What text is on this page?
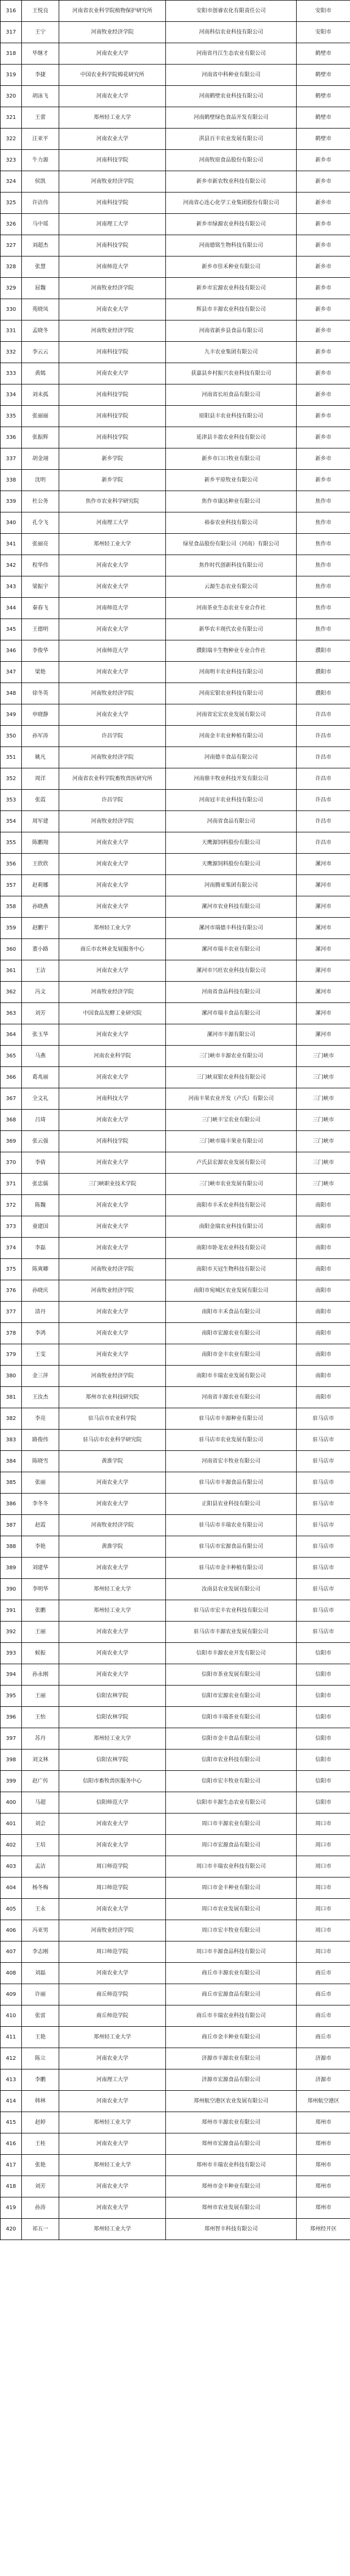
316	王悦良	河南省农业科学院植物保护研究所	安阳市创睿农化有限责任公司	安阳市
317	王宁	河南牧业经济学院	河南科信农业科技有限公司	安阳市
318	毕继才	河南农业大学	河南省丹江生态农业有限公司	鹤壁市
319	李捷	中国农业科学院棉花研究所	河南省中科种业有限公司	鹤壁市
320	胡泳飞	河南农业大学	河南鹤壁农业科技有限公司	鹤壁市
321	王蕾	郑州轻工业大学	河南鹤壁绿色食品开发有限公司	鹤壁市
322	汪亚平	河南农业大学	淇县百丰农业发展有限公司	鹤壁市
323	牛力源	河南科技学院	河南牧原食品股份有限公司	新乡市
324	侯凯	河南牧业经济学院	新乡市新农牧业科技有限公司	新乡市
325	许洁伟	河南科技学院	河南省心连心化学工业集团股份有限公司	新乡市
326	马中瑶	河南理工大学	新乡市绿源农业科技有限公司	新乡市
327	刘超杰	河南科技学院	河南德铭生物科技有限公司	新乡市
328	张慧	河南师范大学	新乡市佳禾种业有限公司	新乡市
329	屈魏	河南牧业经济学院	新乡市宏源农业科技有限公司	新乡市
330	苑晓凤	河南农业大学	辉县市丰源农业科技有限公司	新乡市
331	孟晓冬	河南牧业经济学院	河南省新乡县食品有限公司	新乡市
332	李云云	河南科技学院	九丰农业集团有限公司	新乡市
333	黄嫣	河南农业大学	获嘉县乡村振兴农业科技有限公司	新乡市
334	刘未孤	河南科技学院	河南省长垣食品有限公司	新乡市
335	张丽丽	河南科技学院	原阳县丰农业科技有限公司	新乡市
336	张振辉	河南科技学院	延津县丰盈农业科技有限公司	新乡市
337	胡金翊	新乡学院	新乡市口口牧业有限公司	新乡市
338	沈明	新乡学院	新乡平原牧业有限公司	新乡市
339	杜公务	焦作市农业科学研究院	焦作市康达种业有限公司	焦作市
340	孔令飞	河南理工大学	裕泰农业科技有限公司	焦作市
341	张丽亮	郑州轻工业大学	绿星食品股份有限公司（河南）有限公司	焦作市
342	程华伟	河南农业大学	焦作时代创新科技有限公司	焦作市
343	梁振宇	河南农业大学	云源生态农业有限公司	焦作市
344	秦春飞	河南师范大学	河南茶业生态农业专业合作社	焦作市
345	王德明	河南农业大学	新华农丰现代农业有限公司	焦作市
346	李俊华	河南师范大学	濮阳瑞丰生物种业专业合作社	濮阳市
347	梁艳	河南农业大学	河南明丰农业科技有限公司	濮阳市
348	徐冬英	河南牧业经济学院	河南宏银农业科技有限公司	濮阳市
349	申晓静	河南农业大学	河南省宏宏农业发展有限公司	许昌市
350	孙军涛	许昌学院	河南金丰农业种植有限公司	许昌市
351	姚凡	河南牧业经济学院	河南德丰食品有限公司	许昌市
352	周洋	河南省农业科学院畜牧兽医研究所	河南鼎丰牧业科技开发有限公司	许昌市
353	张霞	许昌学院	河南冠丰农业科技有限公司	许昌市
354	周军建	河南牧业经济学院	河南省食品有限公司	许昌市
355	陈鹏翔	河南农业大学	天鹰源饲料股份有限公司	许昌市
356	王欣欣	河南农业大学	天鹰源饲料股份有限公司	漯河市
357	赵莉娜	河南农业大学	河南腾亚集团有限公司	漯河市
358	孙晓燕	河南农业大学	漯河市农业科技有限公司	漯河市
359	赵鹏宇	郑州轻工业大学	漯河市瑞德丰科技有限公司	漯河市
360	董小路	商丘市农林业发展服务中心	漯河市瑞丰农业有限公司	漯河市
361	王洁	河南农业大学	漯河市兴旺农业科技有限公司	漯河市
362	冯文	河南牧业经济学院	河南省食品科技有限公司	漯河市
363	刘芳	中国食品发酵工业研究院	漯河市瑞丰食品有限公司	漯河市
364	张玉华	河南农业大学	漯河市丰源有限公司	漯河市
365	马燕	河南农业科学院	三门峡市丰源农业有限公司	三门峡市
366	葛兆丽	河南农业大学	三门峡双银农业科技有限公司	三门峡市
367	全文礼	河南科技大学	河南丰果农业开发（卢氏）有限公司	三门峡市
368	吕琦	河南农业大学	三门峡丰宝农业有限公司	三门峡市
369	张云强	河南科技学院	三门峡市瑞丰果业有限公司	三门峡市
370	李倩	河南农业大学	卢氏县宏源农业发展有限公司	三门峡市
371	张忠儒	三门峡职业技术学院	三门峡市农业发展有限公司	三门峡市
372	陈魏	河南农业大学	南阳市丰禾农业科技有限公司	南阳市
373	童建国	河南农业大学	南阳金瑞农业科技有限公司	南阳市
374	李磊	河南农业大学	南阳市卧龙农业科技有限公司	南阳市
375	陈爽卿	河南牧业经济学院	南阳市天冠生物科技有限公司	南阳市
376	孙晓庆	河南牧业经济学院	南阳市宛城区农业发展有限公司	南阳市
377	清丹	河南农业大学	南阳市丰禾食品有限公司	南阳市
378	李鸿	河南农业大学	南阳市宏源农业有限公司	南阳市
379	王雯	河南农业大学	南阳市金丰农业有限公司	南阳市
380	金三萍	河南牧业经济学院	南阳市丰瑞农业发展有限公司	南阳市
381	王汝杰	郑州市农业科技研究院	河南省丰源农业有限公司	南阳市
382	李亮	驻马店市农业科学院	驻马店市丰源种业有限公司	驻马店市
383	路俊伟	驻马店市农业科学研究院	驻马店市农业发展有限公司	驻马店市
384	陈晓雪	黄淮学院	河南省宏丰牧业有限公司	驻马店市
385	张丽	河南农业大学	驻马店市丰源食品有限公司	驻马店市
386	李冬冬	河南农业大学	正阳县农业科技有限公司	驻马店市
387	赵霞	河南牧业经济学院	驻马店市丰瑞农业有限公司	驻马店市
388	李艳	黄淮学院	驻马店市宏源食品有限公司	驻马店市
389	刘建华	河南农业大学	驻马店市金丰种植有限公司	驻马店市
390	李明华	郑州轻工业大学	汝南县农业发展有限公司	驻马店市
391	张鹏	郑州轻工业大学	驻马店市宏丰农业科技有限公司	驻马店市
392	王丽	河南农业大学	驻马店市丰源农业发展有限公司	驻马店市
393	候振	河南农业大学	信阳市丰源农业开发有限公司	信阳市
394	孙永刚	河南农业大学	信阳市茶业发展有限公司	信阳市
395	王丽	信阳农林学院	信阳市宏源农业有限公司	信阳市
396	王怡	信阳农林学院	信阳市丰瑞茶业有限公司	信阳市
397	苏丹	郑州轻工业大学	信阳市金丰食品有限公司	信阳市
398	刘文林	信阳农林学院	信阳市农业科技有限公司	信阳市
399	赵广传	信阳市畜牧兽医服务中心	信阳市宏丰牧业有限公司	信阳市
400	马超	信阳师范大学	信阳市丰源生态农业有限公司	信阳市
401	刘会	河南农业大学	周口市丰源农业有限公司	周口市
402	王培	河南农业大学	周口市宏源食品有限公司	周口市
403	孟洁	周口师范学院	周口市丰瑞农业科技有限公司	周口市
404	杨冬梅	周口师范学院	周口市金丰种业有限公司	周口市
405	王永	河南农业大学	周口市农业发展有限公司	周口市
406	冯亚男	河南牧业经济学院	周口市宏丰牧业有限公司	周口市
407	李志刚	周口师范学院	周口市丰源食品科技有限公司	周口市
408	刘磊	河南农业大学	商丘市丰源农业有限公司	商丘市
409	许丽	商丘师范学院	商丘市宏源食品有限公司	商丘市
410	张雷	商丘师范学院	商丘市丰瑞农业科技有限公司	商丘市
411	王艳	郑州轻工业大学	商丘市金丰种业有限公司	商丘市
412	陈立	河南农业大学	济源市丰源农业有限公司	济源市
413	李鹏	河南理工大学	济源市宏源食品有限公司	济源市
414	韩林	河南农业大学	郑州航空港区农业发展有限公司	郑州航空港区
415	赵婷	郑州轻工业大学	郑州市丰源农业有限公司	郑州市
416	王桂	河南农业大学	郑州市宏源食品有限公司	郑州市
417	张艳	郑州轻工业大学	郑州市丰瑞农业科技有限公司	郑州市
418	刘芳	河南农业大学	郑州市金丰种业有限公司	郑州市
419	孙涛	河南农业大学	郑州市农业发展有限公司	郑州市
420	祁五一	郑州轻工业大学	郑州智丰科技有限公司	郑州经开区
